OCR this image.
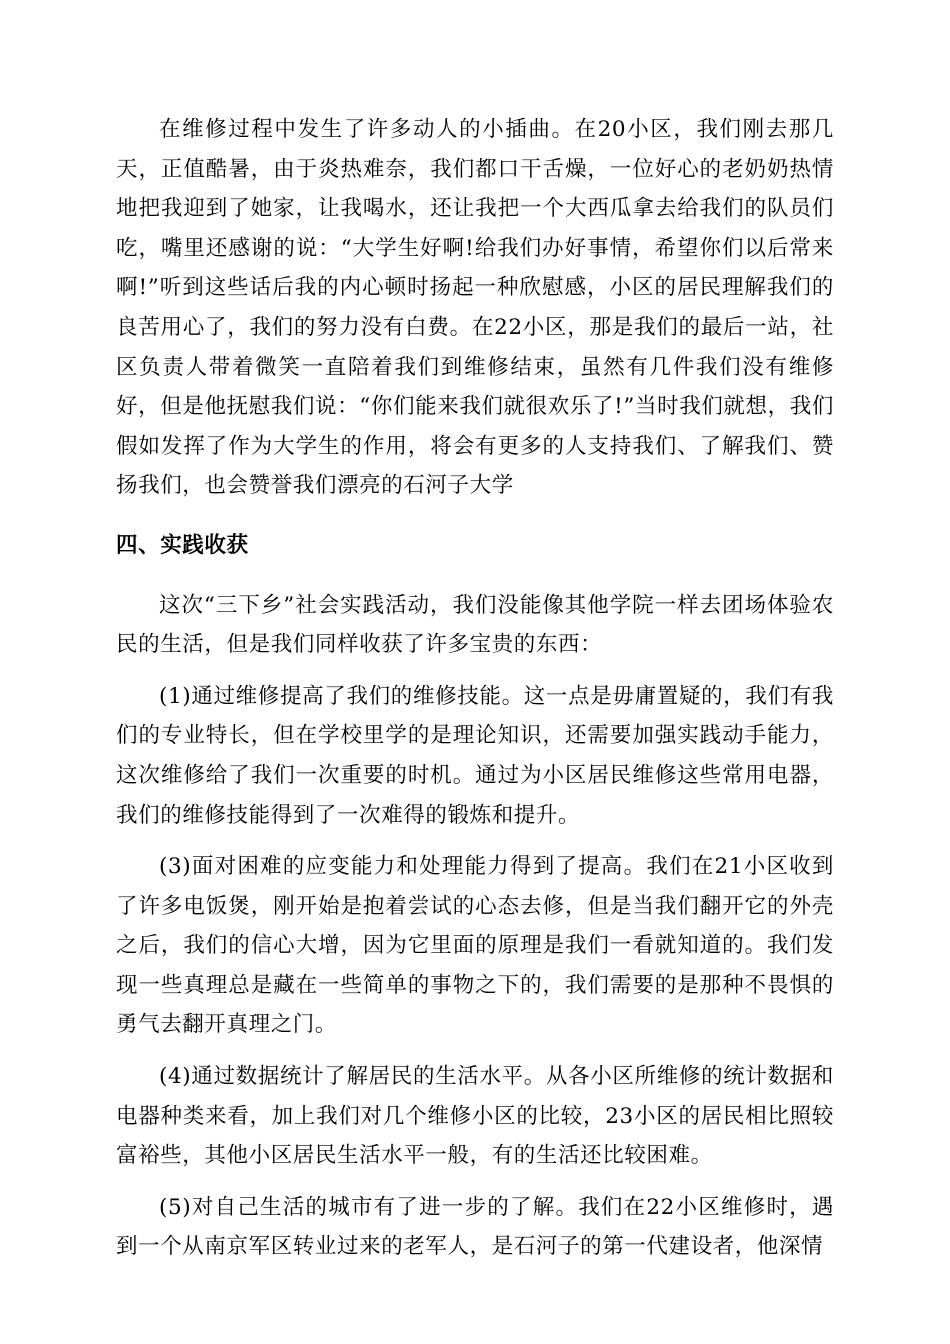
在维修过程中发生了许多动人的小插曲。在20小区，我们刚去那几天，正值酷暑，由于炎热难奈，我们都口干舌燥，一位好心的老奶奶热情地把我迎到了她家，让我喝水，还让我把一个大西瓜拿去给我们的队员们吃，嘴里还感谢的说：“大学生好啊!给我们办好事情，希望你们以后常来啊!”听到这些话后我的内心顿时扬起一种欣慰感，小区的居民理解我们的良苦用心了，我们的努力没有白费。在22小区，那是我们的最后一站，社区负责人带着微笑一直陪着我们到维修结束，虽然有几件我们没有维修好，但是他抚慰我们说：“你们能来我们就很欢乐了!”当时我们就想，我们假如发挥了作为大学生的作用，将会有更多的人支持我们、了解我们、赞扬我们，也会赞誉我们漂亮的石河子大学

四、实践收获

这次“三下乡”社会实践活动，我们没能像其他学院一样去团场体验农民的生活，但是我们同样收获了许多宝贵的东西：

(1)通过维修提高了我们的维修技能。这一点是毋庸置疑的，我们有我们的专业特长，但在学校里学的是理论知识，还需要加强实践动手能力，这次维修给了我们一次重要的时机。通过为小区居民维修这些常用电器，我们的维修技能得到了一次难得的锻炼和提升。

(3)面对困难的应变能力和处理能力得到了提高。我们在21小区收到了许多电饭煲，刚开始是抱着尝试的心态去修，但是当我们翻开它的外壳之后，我们的信心大增，因为它里面的原理是我们一看就知道的。我们发现一些真理总是藏在一些简单的事物之下的，我们需要的是那种不畏惧的勇气去翻开真理之门。

(4)通过数据统计了解居民的生活水平。从各小区所维修的统计数据和电器种类来看，加上我们对几个维修小区的比较，23小区的居民相比照较富裕些，其他小区居民生活水平一般，有的生活还比较困难。

(5)对自己生活的城市有了进一步的了解。我们在22小区维修时，遇到一个从南京军区转业过来的老军人，是石河子的第一代建设者，他深情
